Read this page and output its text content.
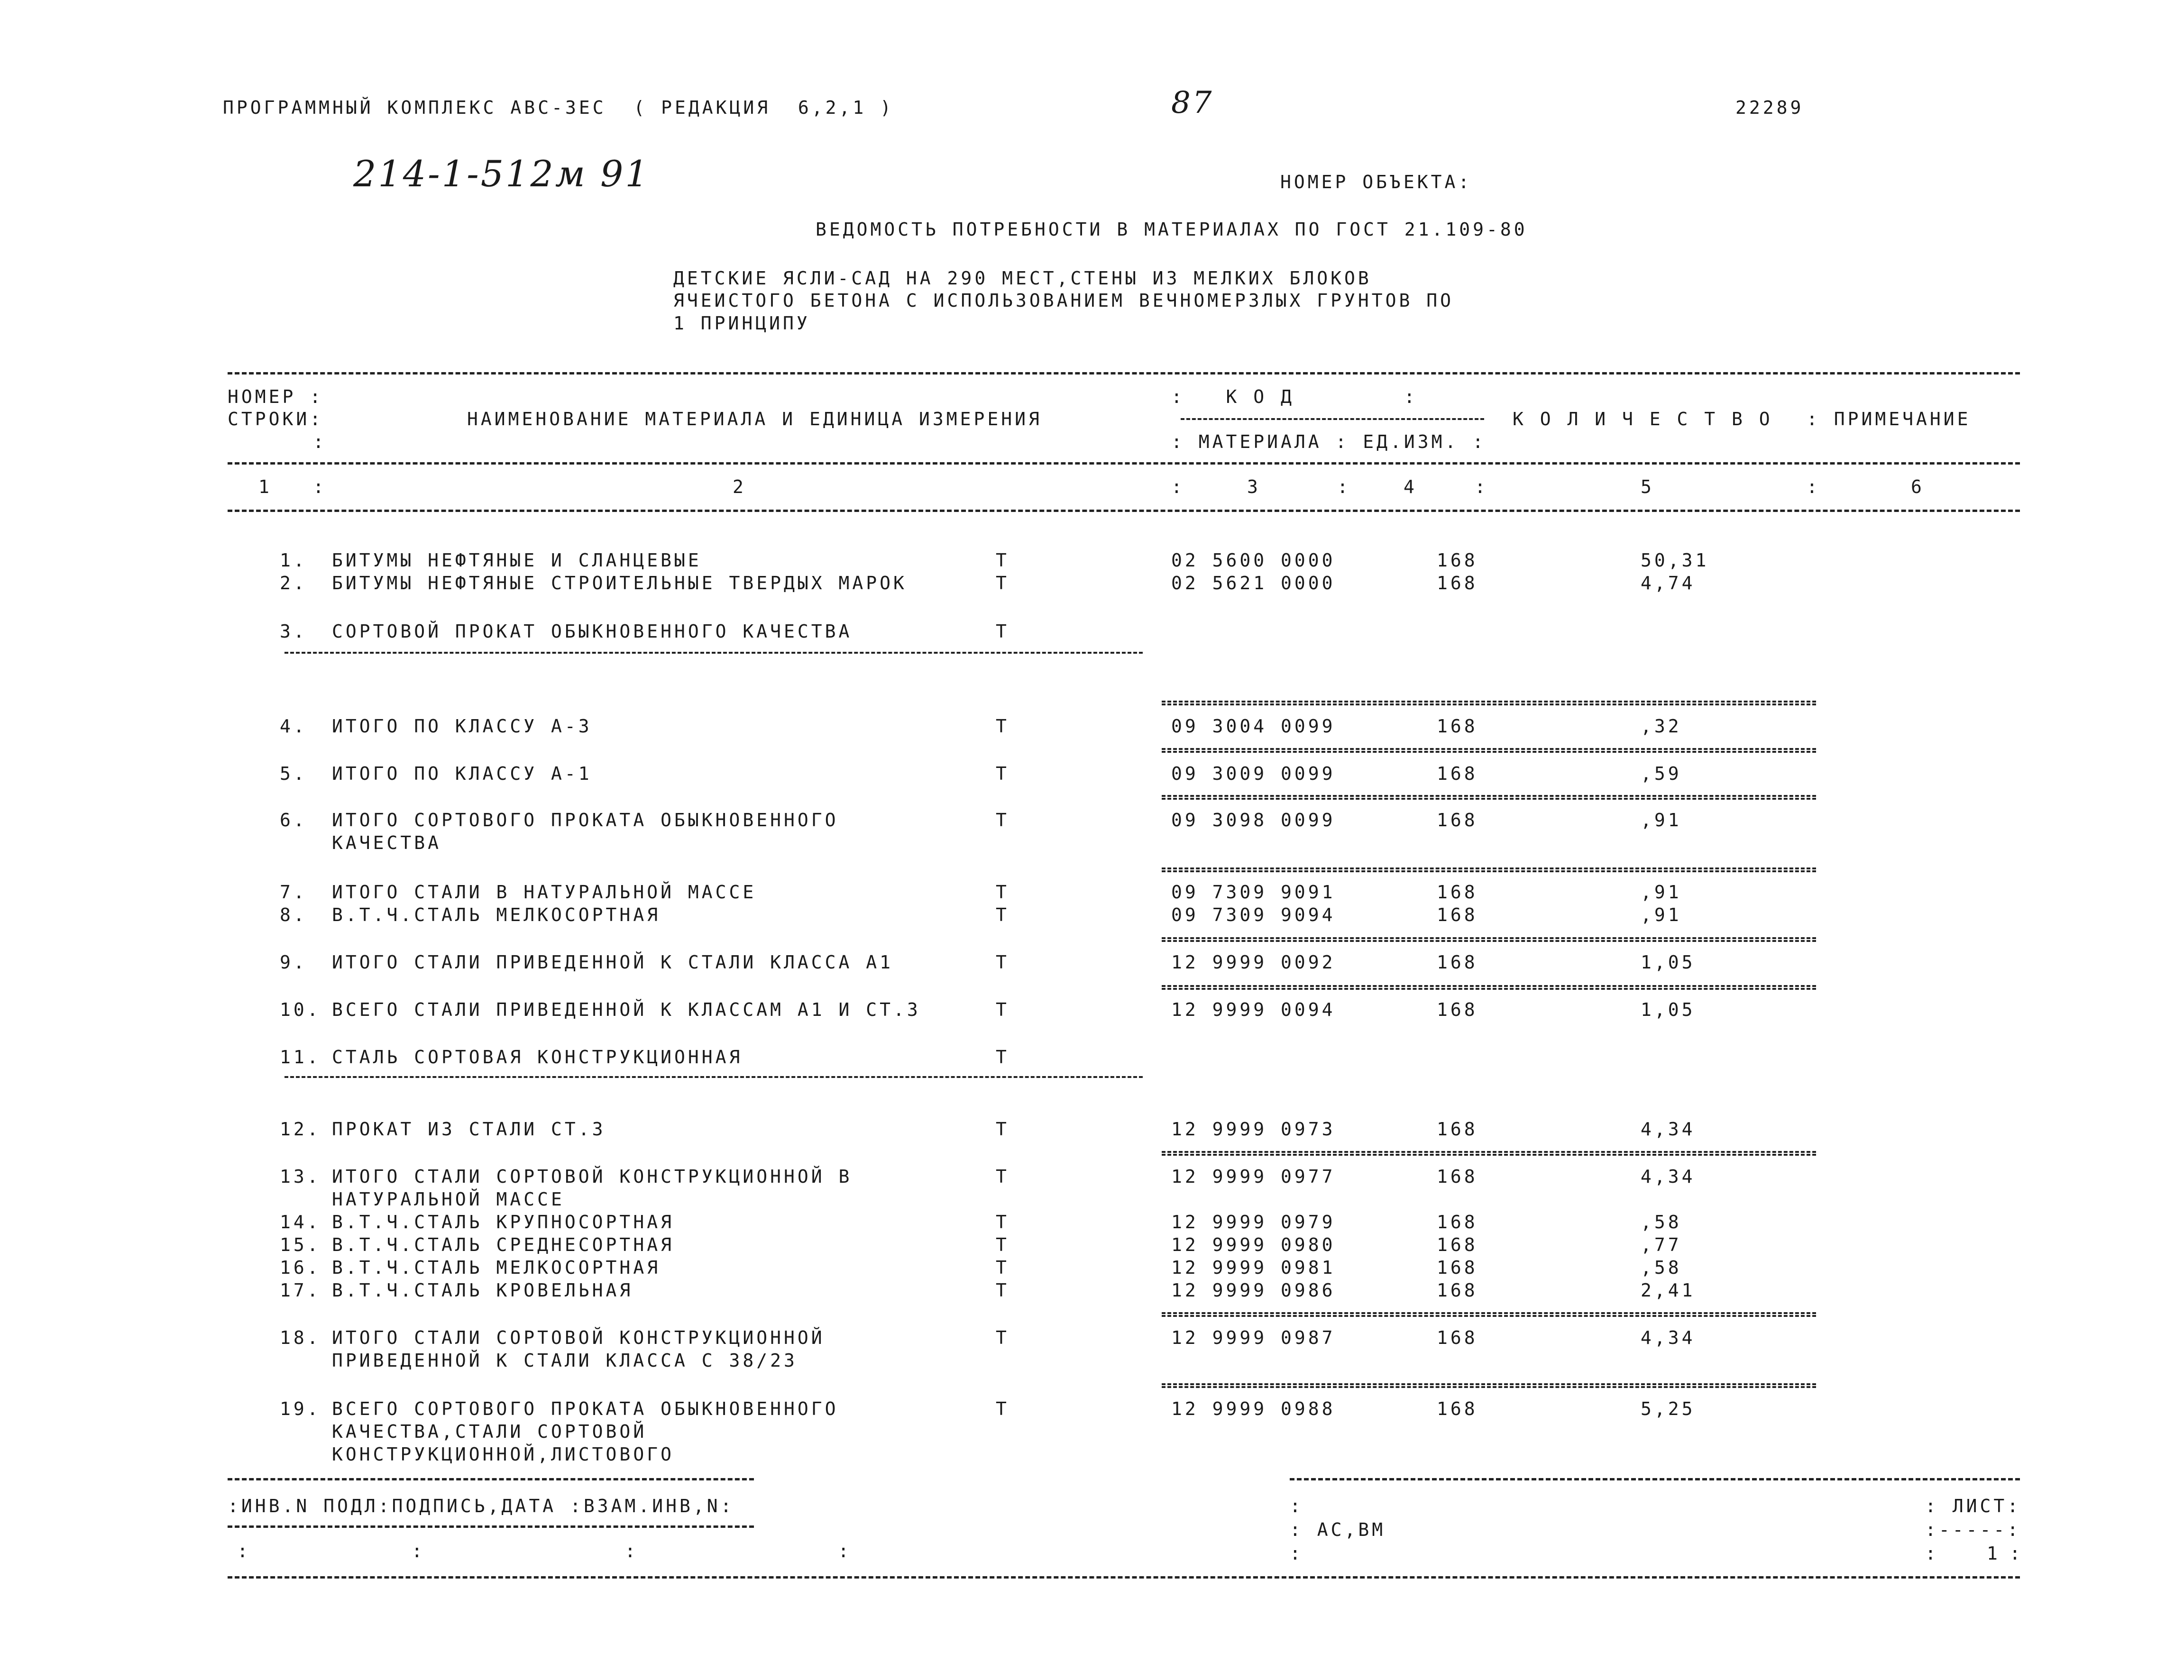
ПРОГРАММНЫЙ КОМПЛЕКС АВС-3ЕС  ( РЕДАКЦИЯ  6,2,1 )	87	22289
214-1-512м 91	НОМЕР ОБЪЕКТА:
ВЕДОМОСТЬ ПОТРЕБНОСТИ В МАТЕРИАЛАХ ПО ГОСТ 21.109-80
ДЕТСКИЕ ЯСЛИ-САД НА 290 МЕСТ,СТЕНЫ ИЗ МЕЛКИХ БЛОКОВ
ЯЧЕИСТОГО БЕТОНА С ИСПОЛЬЗОВАНИЕМ ВЕЧНОМЕРЗЛЫХ ГРУНТОВ ПО
1 ПРИНЦИПУ
НОМЕР :
СТРОКИ:
:
НАИМЕНОВАНИЕ МАТЕРИАЛА И ЕДИНИЦА ИЗМЕРЕНИЯ
:   К О Д        :
: МАТЕРИАЛА : ЕД.ИЗМ. :
К О Л И Ч Е С Т В О : ПРИМЕЧАНИЕ
1	2	3	4	5	6
:	:	:	:	:
1. БИТУМЫ НЕФТЯНЫЕ И СЛАНЦЕВЫЕ	Т	02 5600 0000	168	50,31
2. БИТУМЫ НЕФТЯНЫЕ СТРОИТЕЛЬНЫЕ ТВЕРДЫХ МАРОК	Т	02 5621 0000	168	4,74
3. СОРТОВОЙ ПРОКАТ ОБЫКНОВЕННОГО КАЧЕСТВА	Т
4. ИТОГО ПО КЛАССУ А-3	Т	09 3004 0099	168	,32
5. ИТОГО ПО КЛАССУ А-1	Т	09 3009 0099	168	,59
6. ИТОГО СОРТОВОГО ПРОКАТА ОБЫКНОВЕННОГО	Т	09 3098 0099	168	,91
КАЧЕСТВА
7. ИТОГО СТАЛИ В НАТУРАЛЬНОЙ МАССЕ	Т	09 7309 9091	168	,91
8. В.Т.Ч.СТАЛЬ МЕЛКОСОРТНАЯ	Т	09 7309 9094	168	,91
9. ИТОГО СТАЛИ ПРИВЕДЕННОЙ К СТАЛИ КЛАССА А1	Т	12 9999 0092	168	1,05
10. ВСЕГО СТАЛИ ПРИВЕДЕННОЙ К КЛАССАМ А1 И СТ.3	Т	12 9999 0094	168	1,05
11. СТАЛЬ СОРТОВАЯ КОНСТРУКЦИОННАЯ	Т
12. ПРОКАТ ИЗ СТАЛИ СТ.3	Т	12 9999 0973	168	4,34
13. ИТОГО СТАЛИ СОРТОВОЙ КОНСТРУКЦИОННОЙ В	Т	12 9999 0977	168	4,34
НАТУРАЛЬНОЙ МАССЕ
14. В.Т.Ч.СТАЛЬ КРУПНОСОРТНАЯ	Т	12 9999 0979	168	,58
15. В.Т.Ч.СТАЛЬ СРЕДНЕСОРТНАЯ	Т	12 9999 0980	168	,77
16. В.Т.Ч.СТАЛЬ МЕЛКОСОРТНАЯ	Т	12 9999 0981	168	,58
17. В.Т.Ч.СТАЛЬ КРОВЕЛЬНАЯ	Т	12 9999 0986	168	2,41
18. ИТОГО СТАЛИ СОРТОВОЙ КОНСТРУКЦИОННОЙ	Т	12 9999 0987	168	4,34
ПРИВЕДЕННОЙ К СТАЛИ КЛАССА С 38/23
19. ВСЕГО СОРТОВОГО ПРОКАТА ОБЫКНОВЕННОГО	Т	12 9999 0988	168	5,25
КАЧЕСТВА,СТАЛИ СОРТОВОЙ
КОНСТРУКЦИОННОЙ,ЛИСТОВОГО
:ИНВ.N ПОДЛ:ПОДПИСЬ,ДАТА :ВЗАМ.ИНВ,N:
:        :          :          :
: АС,ВМ
:
:
: ЛИСТ:
:-----:
:	1 :
